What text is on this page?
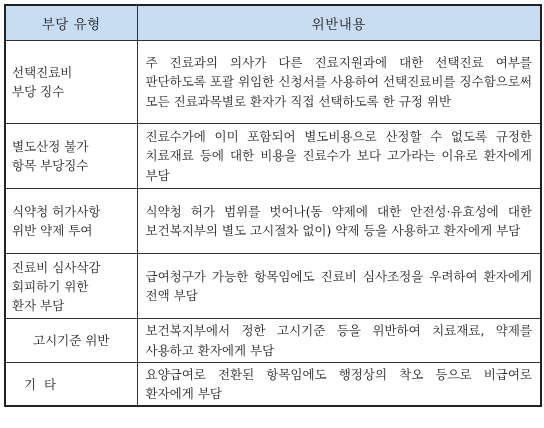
부당 유형	위반내용
선택진료비
부당 징수	주 진료과의 의사가 다른 진료지원과에 대한 선택진료 여부를 판단하도록 포괄 위임한 신청서를 사용하여 선택진료비를 징수함으로써 모든 진료과목별로 환자가 직접 선택하도록 한 규정 위반
별도산정 불가
항목 부당징수	진료수가에 이미 포함되어 별도비용으로 산정할 수 없도록 규정한 치료재료 등에 대한 비용을 진료수가 보다 고가라는 이유로 환자에게 부담
식약청 허가사항
위반 약제 투여	식약청 허가 범위를 벗어나(동 약제에 대한 안전성·유효성에 대한 보건복지부의 별도 고시절차 없이) 약제 등을 사용하고 환자에게 부담
진료비 심사삭감
회피하기 위한
환자 부담	급여청구가 가능한 항목임에도 진료비 심사조정을 우려하여 환자에게 전액 부담
고시기준 위반	보건복지부에서 정한 고시기준 등을 위반하여 치료재료, 약제를 사용하고 환자에게 부담
기  타	요양급여로 전환된 항목임에도 행정상의 착오 등으로 비급여로 환자에게 부담
